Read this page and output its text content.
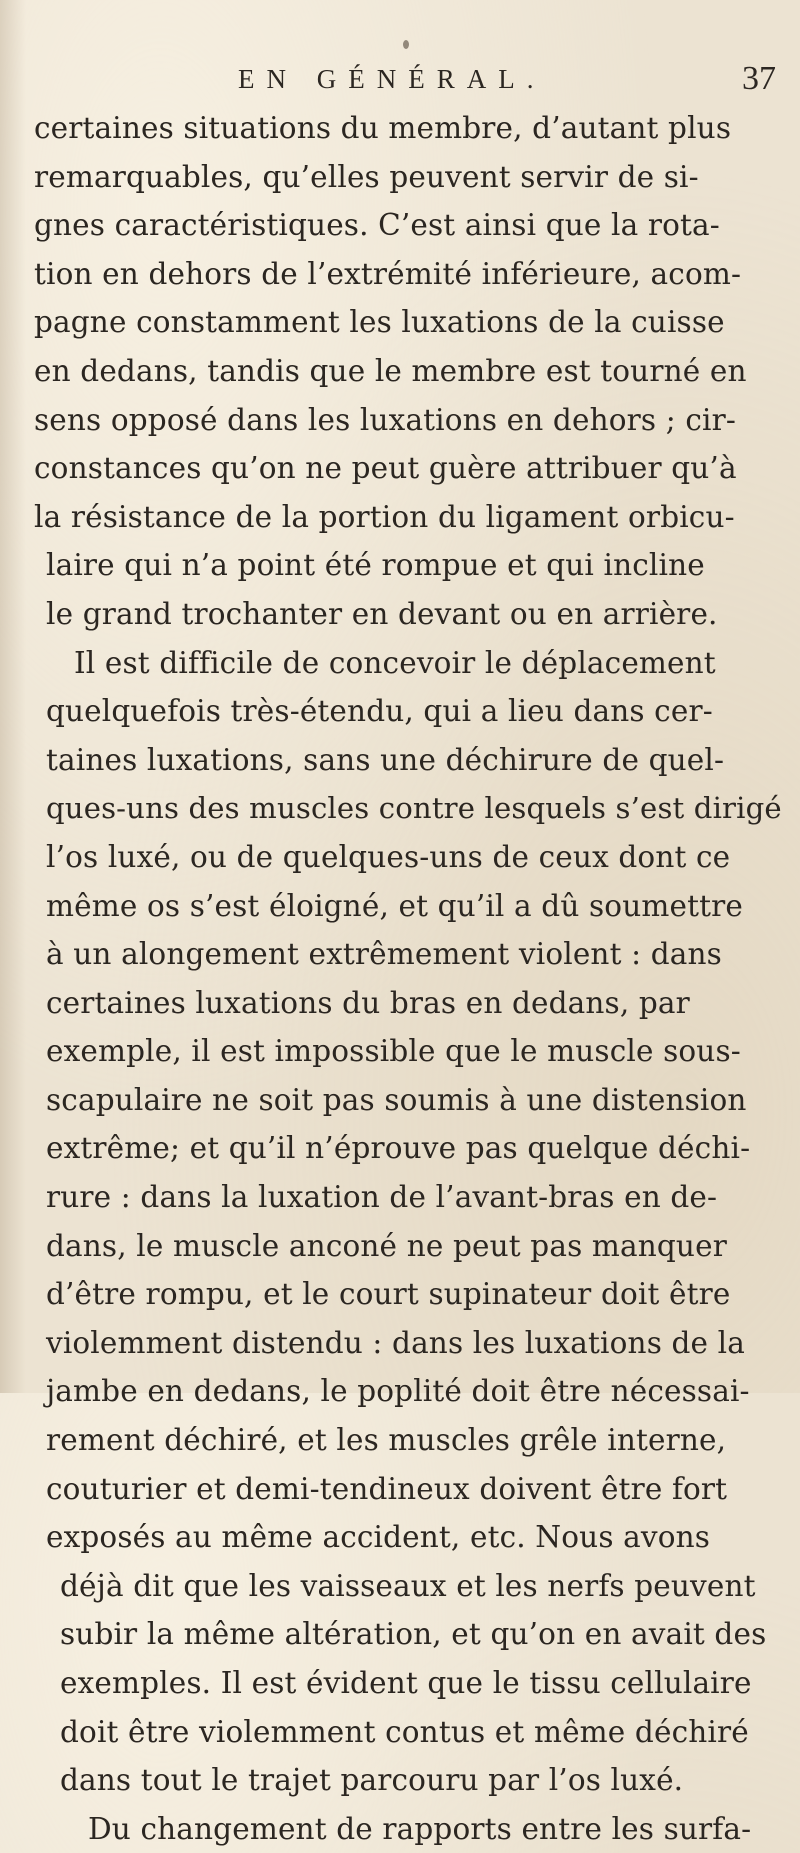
EN GÉNÉRAL.	37
certaines situations du membre, d’autant plus
remarquables, qu’elles peuvent servir de si-
gnes caractéristiques. C’est ainsi que la rota-
tion en dehors de l’extrémité inférieure, acom-
pagne constamment les luxations de la cuisse
en dedans, tandis que le membre est tourné en
sens opposé dans les luxations en dehors ; cir-
constances qu’on ne peut guère attribuer qu’à
la résistance de la portion du ligament orbicu-
laire qui n’a point été rompue et qui incline
le grand trochanter en devant ou en arrière.
Il est difficile de concevoir le déplacement
quelquefois très-étendu, qui a lieu dans cer-
taines luxations, sans une déchirure de quel-
ques-uns des muscles contre lesquels s’est dirigé
l’os luxé, ou de quelques-uns de ceux dont ce
même os s’est éloigné, et qu’il a dû soumettre
à un alongement extrêmement violent : dans
certaines luxations du bras en dedans, par
exemple, il est impossible que le muscle sous-
scapulaire ne soit pas soumis à une distension
extrême; et qu’il n’éprouve pas quelque déchi-
rure : dans la luxation de l’avant-bras en de-
dans, le muscle anconé ne peut pas manquer
d’être rompu, et le court supinateur doit être
violemment distendu : dans les luxations de la
jambe en dedans, le poplité doit être nécessai-
rement déchiré, et les muscles grêle interne,
couturier et demi-tendineux doivent être fort
exposés au même accident, etc. Nous avons
déjà dit que les vaisseaux et les nerfs peuvent
subir la même altération, et qu’on en avait des
exemples. Il est évident que le tissu cellulaire
doit être violemment contus et même déchiré
dans tout le trajet parcouru par l’os luxé.
Du changement de rapports entre les surfa-
